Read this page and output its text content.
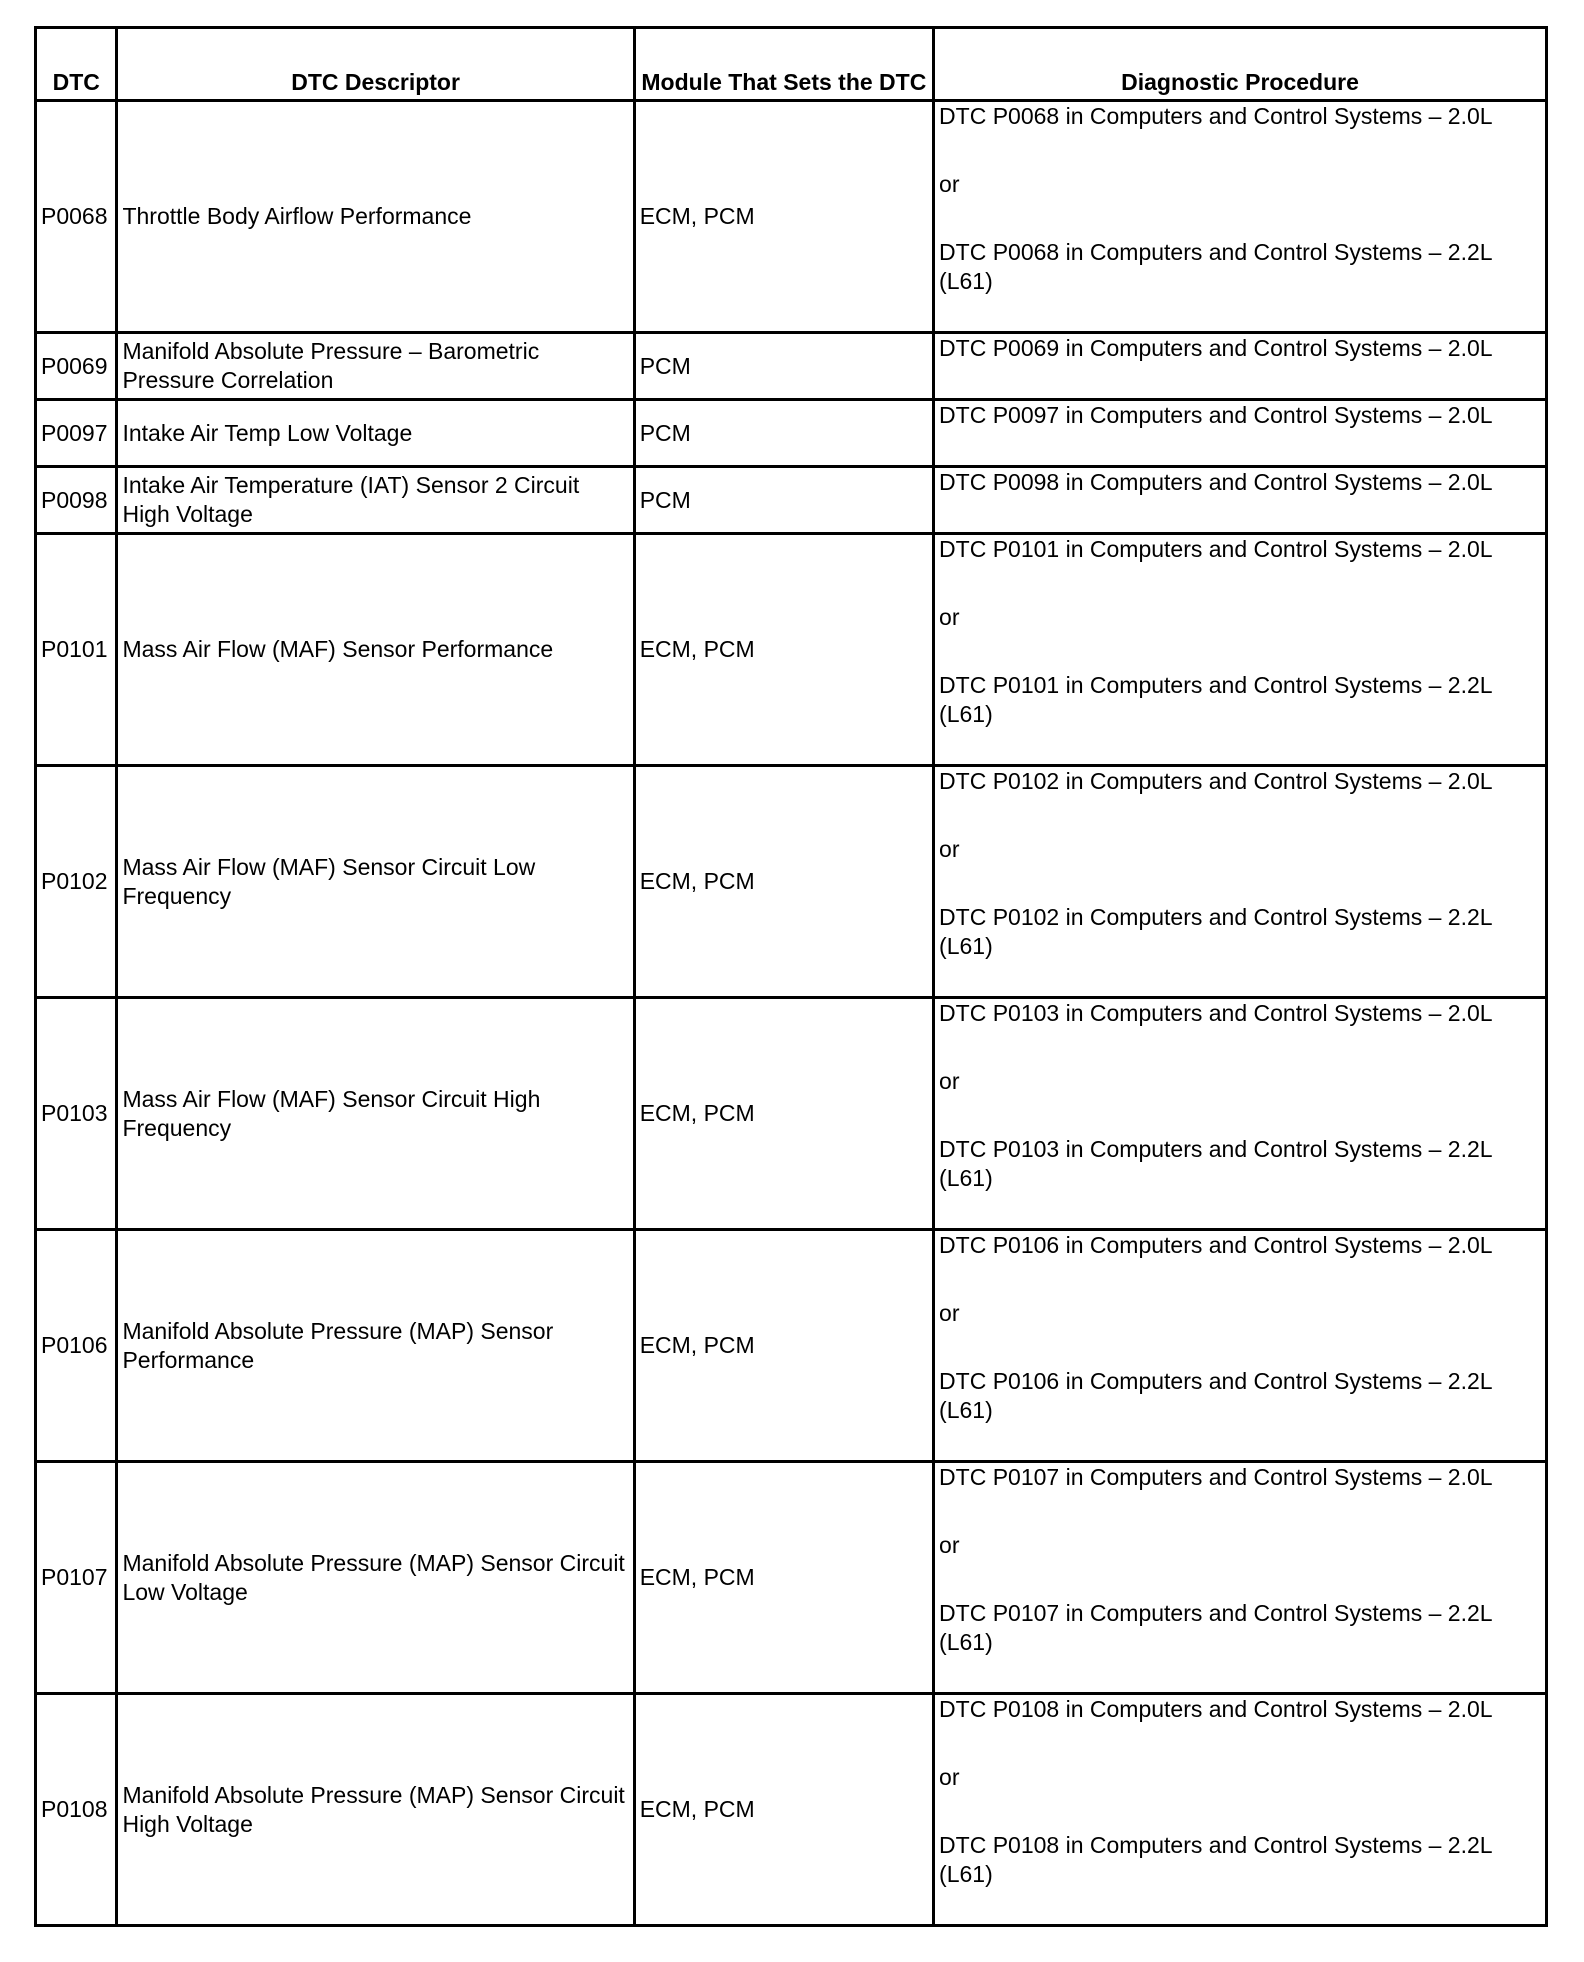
DTC	DTC Descriptor	Module That Sets the DTC	Diagnostic Procedure
P0068	Throttle Body Airflow Performance	ECM, PCM	DTC P0068 in Computers and Control Systems – 2.0L
or
DTC P0068 in Computers and Control Systems – 2.2L (L61)

P0069	Manifold Absolute Pressure – Barometric Pressure Correlation	PCM	DTC P0069 in Computers and Control Systems – 2.0L

P0097	Intake Air Temp Low Voltage	PCM	DTC P0097 in Computers and Control Systems – 2.0L

P0098	Intake Air Temperature (IAT) Sensor 2 Circuit High Voltage	PCM	DTC P0098 in Computers and Control Systems – 2.0L

P0101	Mass Air Flow (MAF) Sensor Performance	ECM, PCM	DTC P0101 in Computers and Control Systems – 2.0L
or
DTC P0101 in Computers and Control Systems – 2.2L (L61)

P0102	Mass Air Flow (MAF) Sensor Circuit Low Frequency	ECM, PCM	DTC P0102 in Computers and Control Systems – 2.0L
or
DTC P0102 in Computers and Control Systems – 2.2L (L61)

P0103	Mass Air Flow (MAF) Sensor Circuit High Frequency	ECM, PCM	DTC P0103 in Computers and Control Systems – 2.0L
or
DTC P0103 in Computers and Control Systems – 2.2L (L61)

P0106	Manifold Absolute Pressure (MAP) Sensor Performance	ECM, PCM	DTC P0106 in Computers and Control Systems – 2.0L
or
DTC P0106 in Computers and Control Systems – 2.2L (L61)

P0107	Manifold Absolute Pressure (MAP) Sensor Circuit Low Voltage	ECM, PCM	DTC P0107 in Computers and Control Systems – 2.0L
or
DTC P0107 in Computers and Control Systems – 2.2L (L61)

P0108	Manifold Absolute Pressure (MAP) Sensor Circuit High Voltage	ECM, PCM	DTC P0108 in Computers and Control Systems – 2.0L
or
DTC P0108 in Computers and Control Systems – 2.2L (L61)
